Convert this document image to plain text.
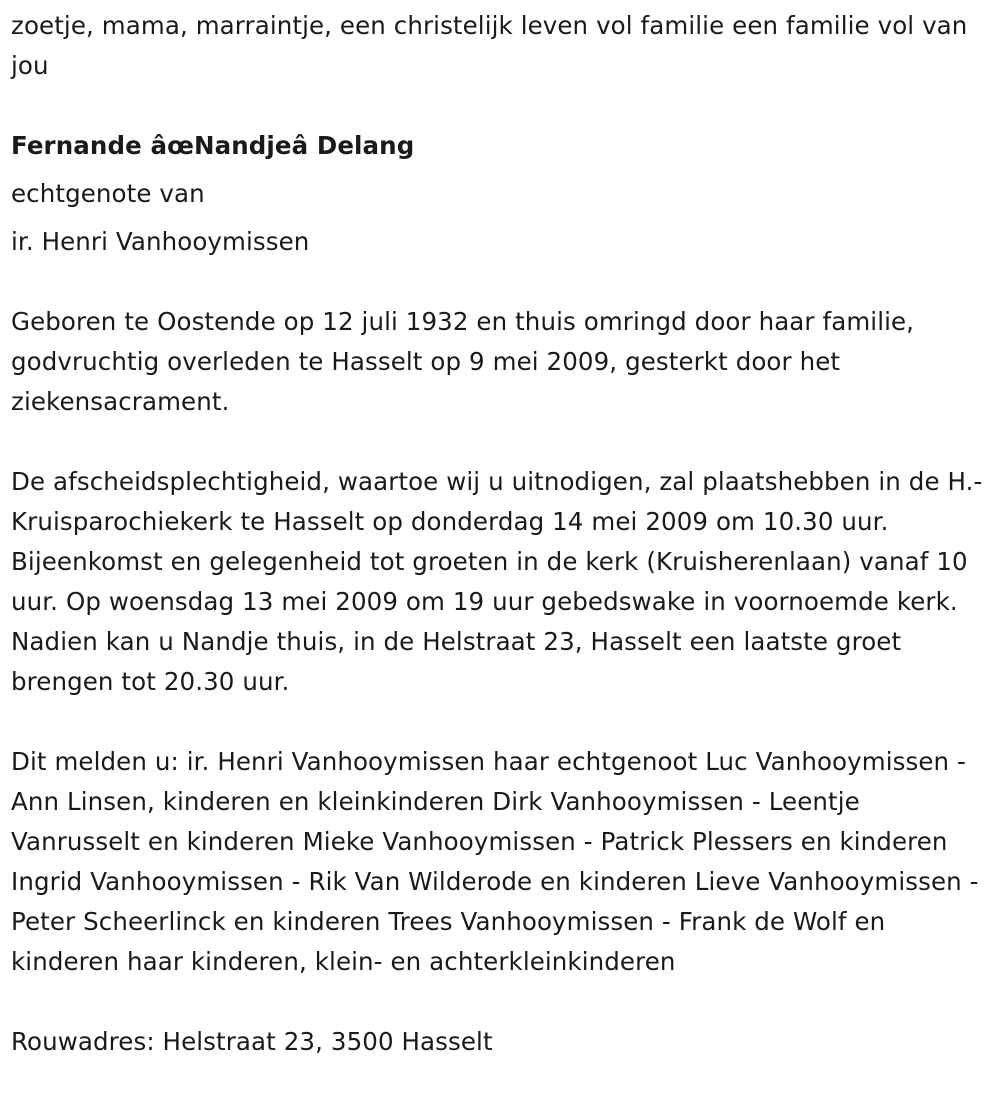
zoetje, mama, marraintje, een christelijk leven vol familie een familie vol van jou

Fernande âœNandjeâ Delang

echtgenote van

ir. Henri Vanhooymissen

Geboren te Oostende op 12 juli 1932 en thuis omringd door haar familie, godvruchtig overleden te Hasselt op 9 mei 2009, gesterkt door het ziekensacrament.

De afscheidsplechtigheid, waartoe wij u uitnodigen, zal plaatshebben in de H.-Kruisparochiekerk te Hasselt op donderdag 14 mei 2009 om 10.30 uur. Bijeenkomst en gelegenheid tot groeten in de kerk (Kruisherenlaan) vanaf 10 uur. Op woensdag 13 mei 2009 om 19 uur gebedswake in voornoemde kerk. Nadien kan u Nandje thuis, in de Helstraat 23, Hasselt een laatste groet brengen tot 20.30 uur.

Dit melden u: ir. Henri Vanhooymissen haar echtgenoot Luc Vanhooymissen - Ann Linsen, kinderen en kleinkinderen Dirk Vanhooymissen - Leentje Vanrusselt en kinderen Mieke Vanhooymissen - Patrick Plessers en kinderen Ingrid Vanhooymissen - Rik Van Wilderode en kinderen Lieve Vanhooymissen - Peter Scheerlinck en kinderen Trees Vanhooymissen - Frank de Wolf en kinderen haar kinderen, klein- en achterkleinkinderen

Rouwadres: Helstraat 23, 3500 Hasselt
